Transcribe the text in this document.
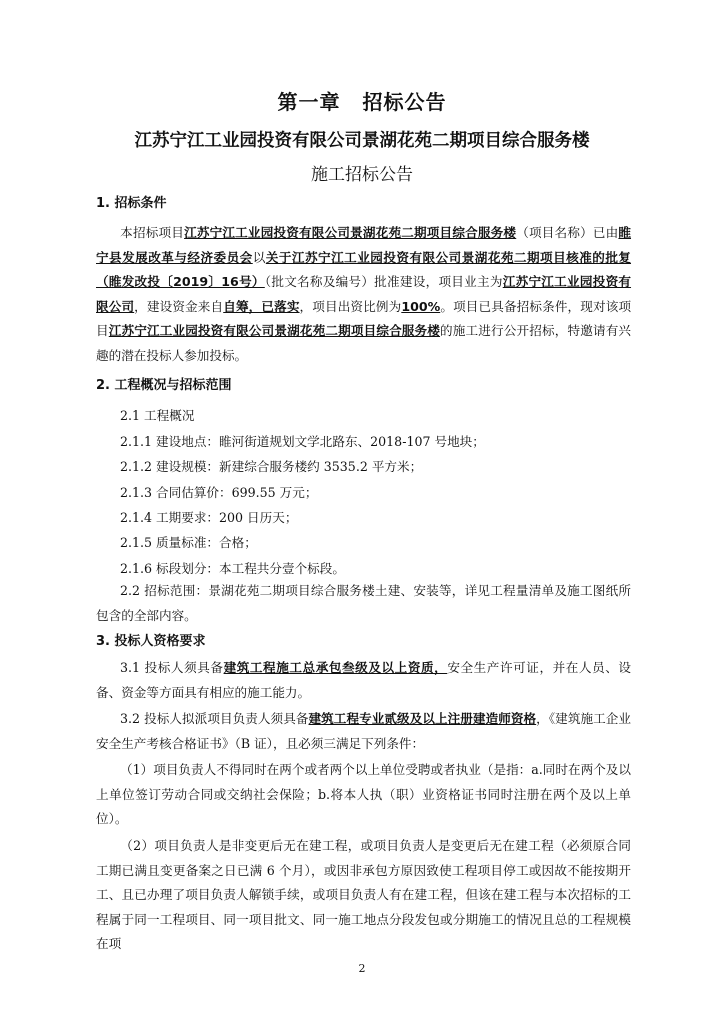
第一章 招标公告
江苏宁江工业园投资有限公司景湖花苑二期项目综合服务楼
施工招标公告
1. 招标条件
本招标项目江苏宁江工业园投资有限公司景湖花苑二期项目综合服务楼（项目名称）已由睢宁县发展改革与经济委员会以关于江苏宁江工业园投资有限公司景湖花苑二期项目核准的批复（睢发改投〔2019〕16号）（批文名称及编号）批准建设，项目业主为江苏宁江工业园投资有限公司，建设资金来自自筹，已落实，项目出资比例为100%。项目已具备招标条件，现对该项目江苏宁江工业园投资有限公司景湖花苑二期项目综合服务楼的施工进行公开招标，特邀请有兴趣的潜在投标人参加投标。
2. 工程概况与招标范围
2.1 工程概况
2.1.1 建设地点：睢河街道规划文学北路东、2018-107 号地块；
2.1.2 建设规模：新建综合服务楼约 3535.2 平方米；
2.1.3 合同估算价：699.55 万元；
2.1.4 工期要求：200 日历天；
2.1.5 质量标准：合格；
2.1.6 标段划分：本工程共分壹个标段。
2.2 招标范围：景湖花苑二期项目综合服务楼土建、安装等，详见工程量清单及施工图纸所包含的全部内容。
3. 投标人资格要求
3.1 投标人须具备建筑工程施工总承包叁级及以上资质，安全生产许可证，并在人员、设备、资金等方面具有相应的施工能力。
3.2 投标人拟派项目负责人须具备建筑工程专业贰级及以上注册建造师资格，《建筑施工企业安全生产考核合格证书》（B 证），且必须三满足下列条件：
（1）项目负责人不得同时在两个或者两个以上单位受聘或者执业（是指：a.同时在两个及以上单位签订劳动合同或交纳社会保险；b.将本人执（职）业资格证书同时注册在两个及以上单位）。
（2）项目负责人是非变更后无在建工程，或项目负责人是变更后无在建工程（必须原合同工期已满且变更备案之日已满 6 个月），或因非承包方原因致使工程项目停工或因故不能按期开工、且已办理了项目负责人解锁手续，或项目负责人有在建工程，但该在建工程与本次招标的工程属于同一工程项目、同一项目批文、同一施工地点分段发包或分期施工的情况且总的工程规模在项
2
